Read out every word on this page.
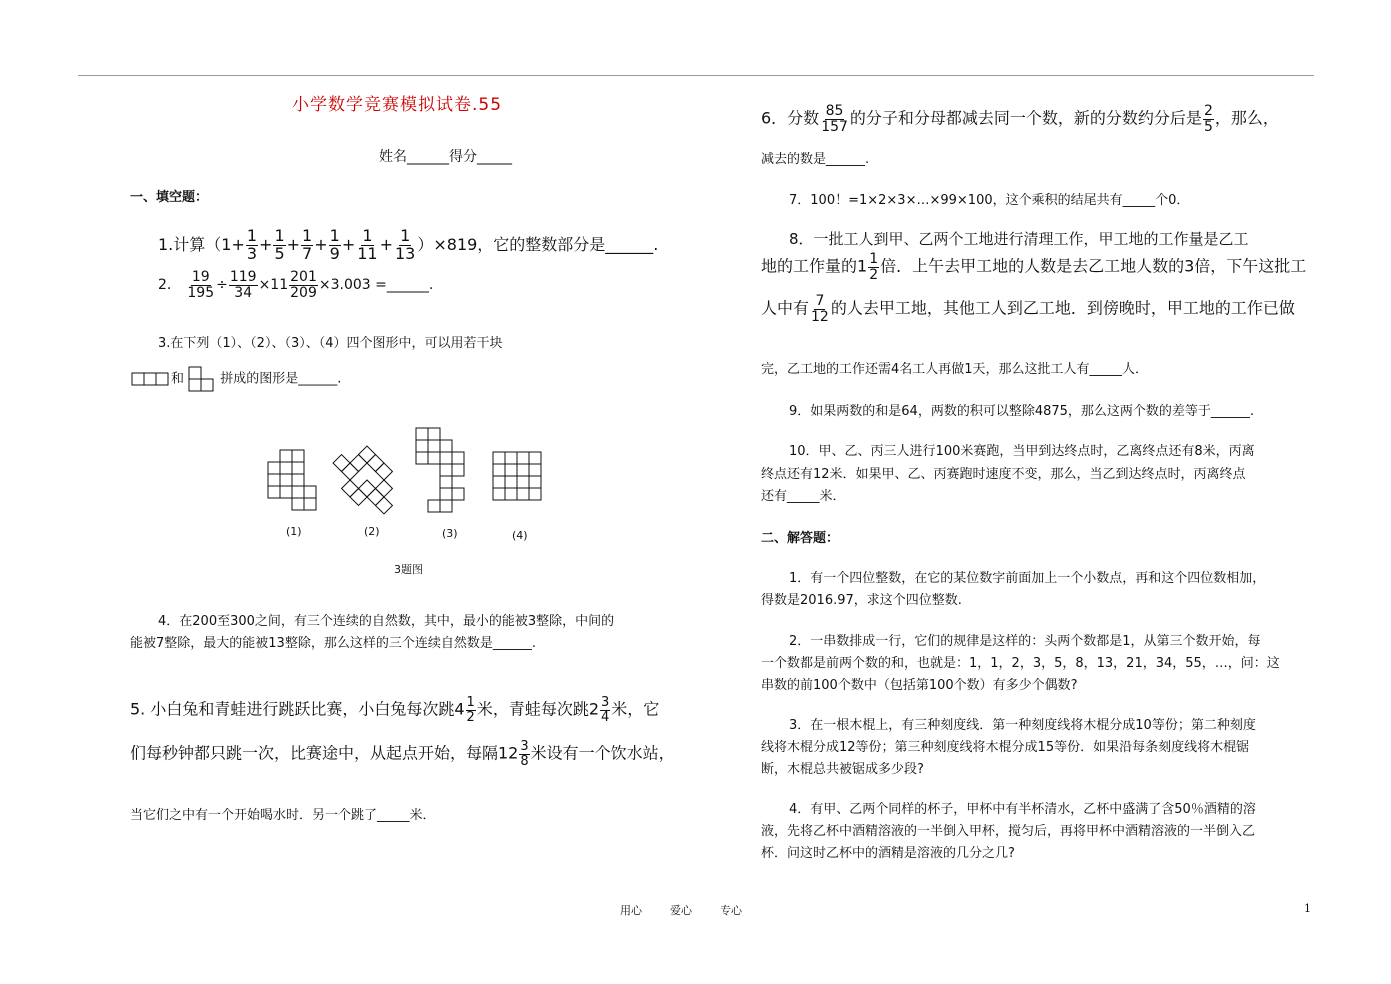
小学数学竞赛模拟试卷.55
姓名______得分_____
一、填空题：
1.计算$(1+ \frac{1}{3} + \frac{1}{5} + \frac{1}{7} + \frac{1}{9} + \frac{1}{11} + \frac{1}{13} )\times 819$，它的整数部分是______.
2． $\frac{19}{195} \div \frac{119}{34} \times 11 \frac{201}{209} \times 3.003$ =______.
3.在下列（1）、（2）、（3）、（4）四个图形中，可以用若干块
和	拼成的图形是______.
(1)	(2)	(3)	(4)
3题图
4．在200至300之间，有三个连续的自然数，其中，最小的能被3整除，中间的
能被7整除，最大的能被13整除，那么这样的三个连续自然数是______.
5. 小白兔和青蛙进行跳跃比赛，小白兔每次跳$4 \frac{1}{2}$ 米，青蛙每次跳$2 \frac{3}{4}$ 米，它
们每秒钟都只跳一次，比赛途中，从起点开始，每隔$12 \frac{3}{8}$ 米设有一个饮水站，
当它们之中有一个开始喝水时．另一个跳了_____米．
6．分数 $\frac{85}{157}$ 的分子和分母都减去同一个数，新的分数约分后是 $\frac{2}{5}$ ，那么，
减去的数是______.
7．100！=1×2×3×…×99×100，这个乘积的结尾共有_____个0．
8．一批工人到甲、乙两个工地进行清理工作，甲工地的工作量是乙工
地的工作量的$1 \frac{1}{2}$ 倍．上午去甲工地的人数是去乙工地人数的3倍，下午这批工
人中有 $\frac{7}{12}$ 的人去甲工地，其他工人到乙工地．到傍晚时，甲工地的工作已做
完，乙工地的工作还需4名工人再做1天，那么这批工人有_____人．
9．如果两数的和是64，两数的积可以整除4875，那么这两个数的差等于______.
10．甲、乙、丙三人进行100米赛跑，当甲到达终点时，乙离终点还有8米，丙离
终点还有12米．如果甲、乙、丙赛跑时速度不变，那么，当乙到达终点时，丙离终点
还有_____米．
二、解答题：
1．有一个四位整数，在它的某位数字前面加上一个小数点，再和这个四位数相加，
得数是2016.97，求这个四位整数.
2．一串数排成一行，它们的规律是这样的：头两个数都是1，从第三个数开始，每
一个数都是前两个数的和，也就是：1，1，2，3，5，8，13，21，34，55，…，问：这
串数的前100个数中（包括第100个数）有多少个偶数?
3．在一根木棍上，有三种刻度线．第一种刻度线将木棍分成10等份；第二种刻度
线将木棍分成12等份；第三种刻度线将木棍分成15等份．如果沿每条刻度线将木棍锯
断，木棍总共被锯成多少段?
4．有甲、乙两个同样的杯子，甲杯中有半杯清水，乙杯中盛满了含50％酒精的溶
液，先将乙杯中酒精溶液的一半倒入甲杯，搅匀后，再将甲杯中酒精溶液的一半倒入乙
杯．问这时乙杯中的酒精是溶液的几分之几?
用心	爱心	专心	1
